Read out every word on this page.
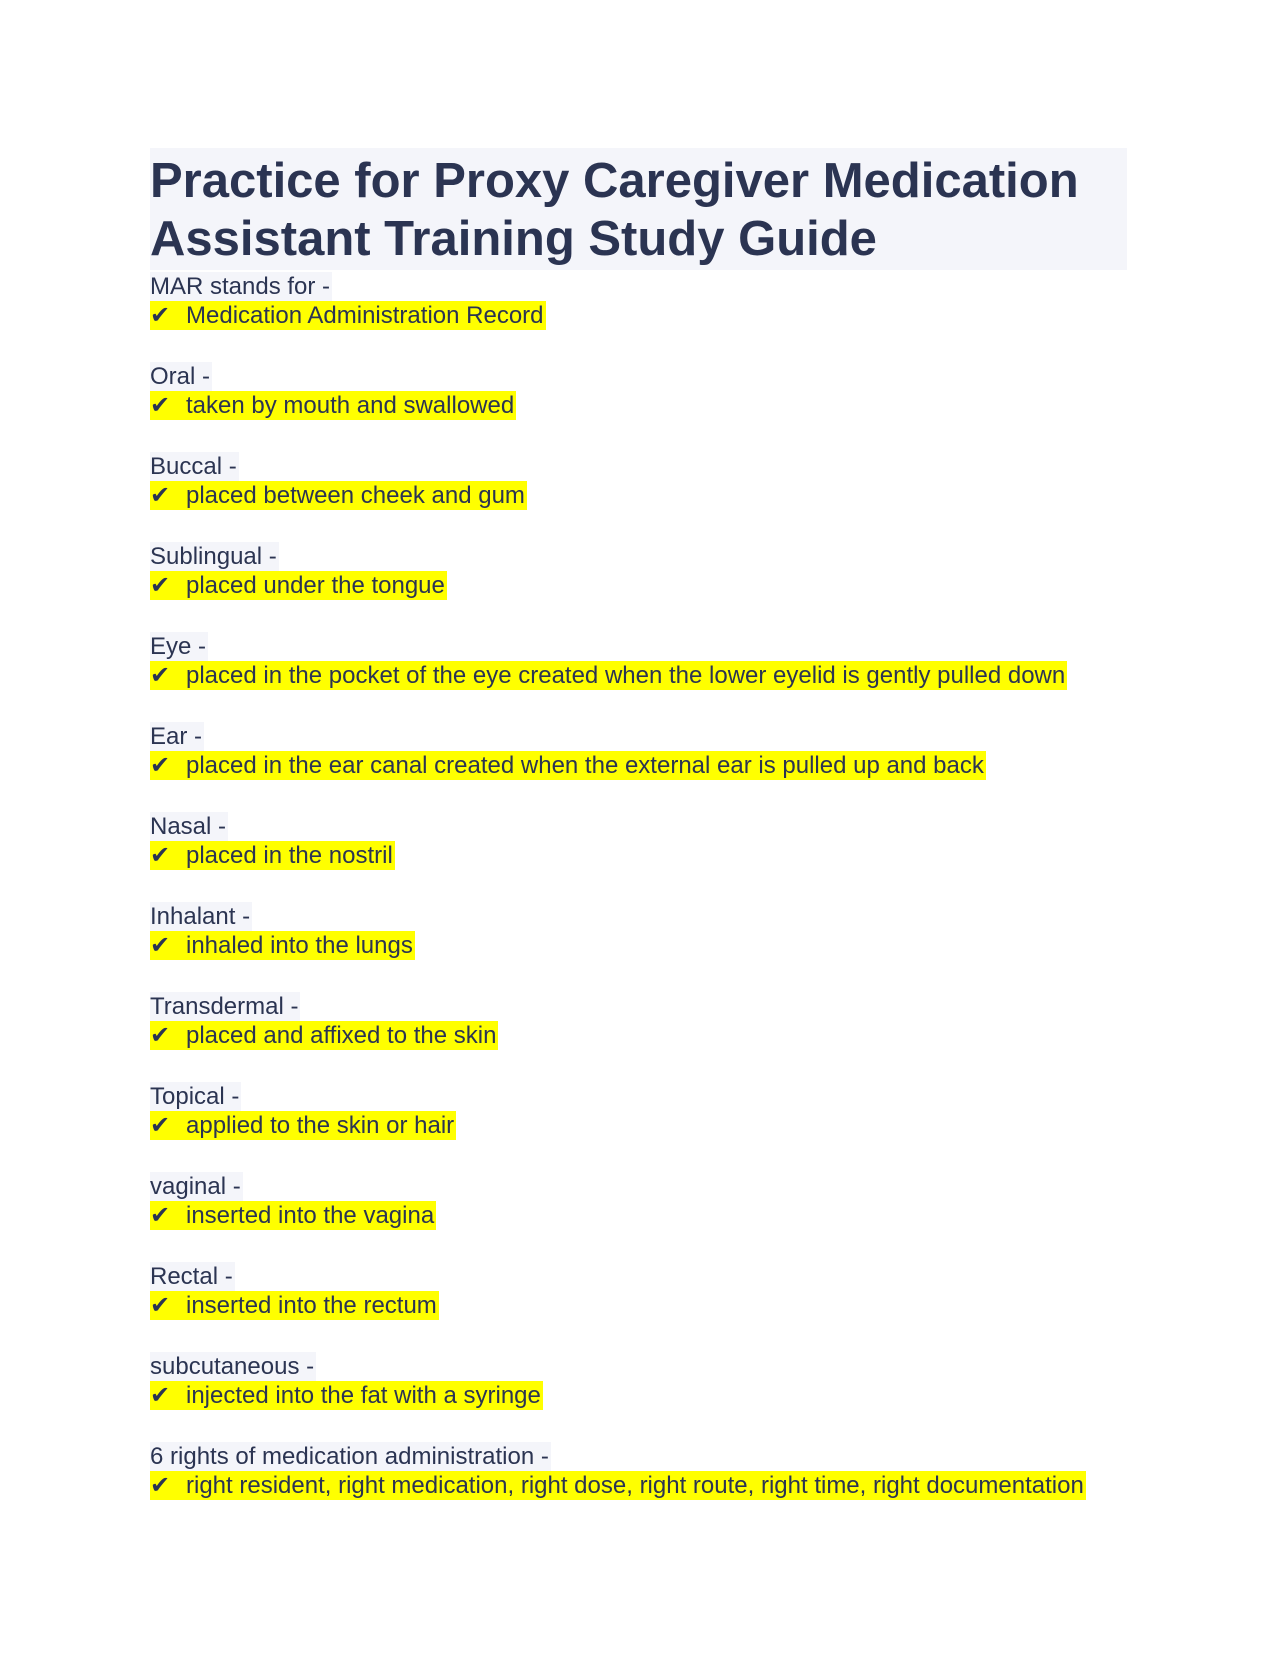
Practice for Proxy Caregiver Medication Assistant Training Study Guide
MAR stands for -
✔ Medication Administration Record
Oral -
✔ taken by mouth and swallowed
Buccal -
✔ placed between cheek and gum
Sublingual -
✔ placed under the tongue
Eye -
✔ placed in the pocket of the eye created when the lower eyelid is gently pulled down
Ear -
✔ placed in the ear canal created when the external ear is pulled up and back
Nasal -
✔ placed in the nostril
Inhalant -
✔ inhaled into the lungs
Transdermal -
✔ placed and affixed to the skin
Topical -
✔ applied to the skin or hair
vaginal -
✔ inserted into the vagina
Rectal -
✔ inserted into the rectum
subcutaneous -
✔ injected into the fat with a syringe
6 rights of medication administration -
✔ right resident, right medication, right dose, right route, right time, right documentation
